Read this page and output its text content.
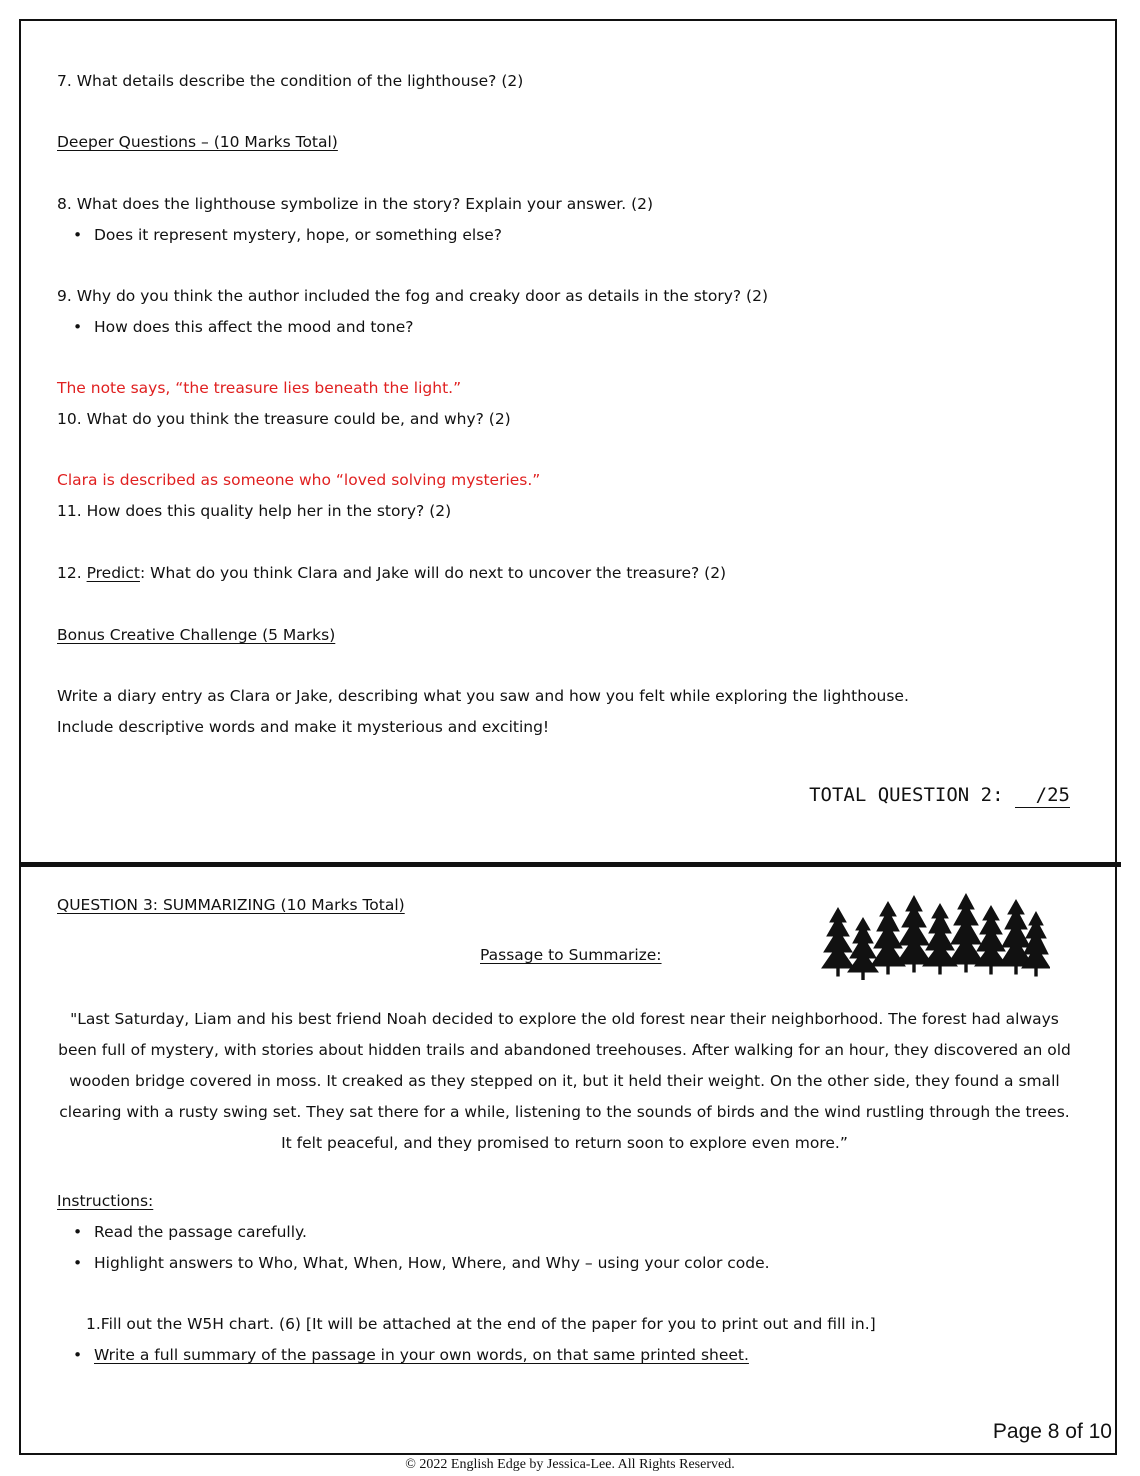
7. What details describe the condition of the lighthouse? (2)
Deeper Questions – (10 Marks Total)
8. What does the lighthouse symbolize in the story? Explain your answer. (2)
• Does it represent mystery, hope, or something else?
9. Why do you think the author included the fog and creaky door as details in the story? (2)
• How does this affect the mood and tone?
The note says, “the treasure lies beneath the light.”
10. What do you think the treasure could be, and why? (2)
Clara is described as someone who “loved solving mysteries.”
11. How does this quality help her in the story? (2)
12. Predict: What do you think Clara and Jake will do next to uncover the treasure? (2)
Bonus Creative Challenge (5 Marks)
Write a diary entry as Clara or Jake, describing what you saw and how you felt while exploring the lighthouse.
Include descriptive words and make it mysterious and exciting!
TOTAL QUESTION 2: /25
QUESTION 3: SUMMARIZING (10 Marks Total)
Passage to Summarize:
"Last Saturday, Liam and his best friend Noah decided to explore the old forest near their neighborhood. The forest had always been full of mystery, with stories about hidden trails and abandoned treehouses. After walking for an hour, they discovered an old wooden bridge covered in moss. It creaked as they stepped on it, but it held their weight. On the other side, they found a small clearing with a rusty swing set. They sat there for a while, listening to the sounds of birds and the wind rustling through the trees. It felt peaceful, and they promised to return soon to explore even more.”
Instructions:
• Read the passage carefully.
• Highlight answers to Who, What, When, How, Where, and Why – using your color code.
1.Fill out the W5H chart. (6) [It will be attached at the end of the paper for you to print out and fill in.]
• Write a full summary of the passage in your own words, on that same printed sheet.
Page 8 of 10
© 2022 English Edge by Jessica-Lee. All Rights Reserved.
